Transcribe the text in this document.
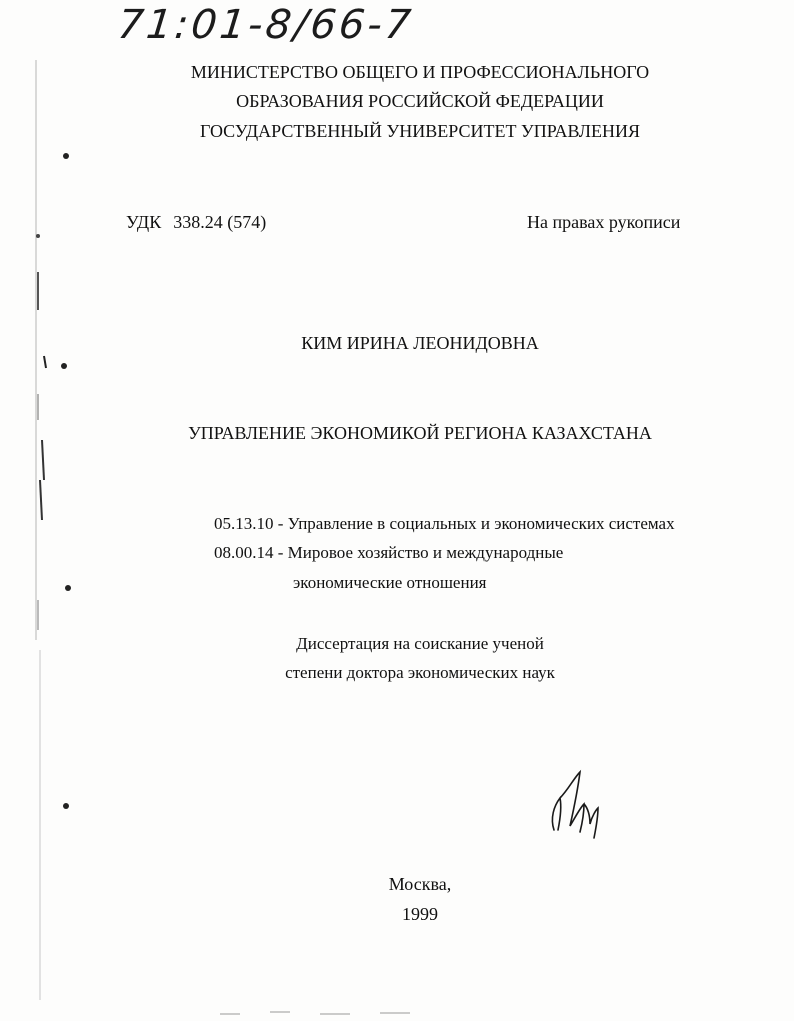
71:01-8/66-7
МИНИСТЕРСТВО ОБЩЕГО И ПРОФЕССИОНАЛЬНОГО
ОБРАЗОВАНИЯ РОССИЙСКОЙ ФЕДЕРАЦИИ
ГОСУДАРСТВЕННЫЙ УНИВЕРСИТЕТ УПРАВЛЕНИЯ
УДК 338.24 (574)	На правах рукописи
КИМ ИРИНА ЛЕОНИДОВНА
УПРАВЛЕНИЕ ЭКОНОМИКОЙ РЕГИОНА КАЗАХСТАНА
05.13.10 - Управление в социальных и экономических системах
08.00.14 - Мировое хозяйство и международные
экономические отношения
Диссертация на соискание ученой
степени доктора экономических наук
Москва,
1999
